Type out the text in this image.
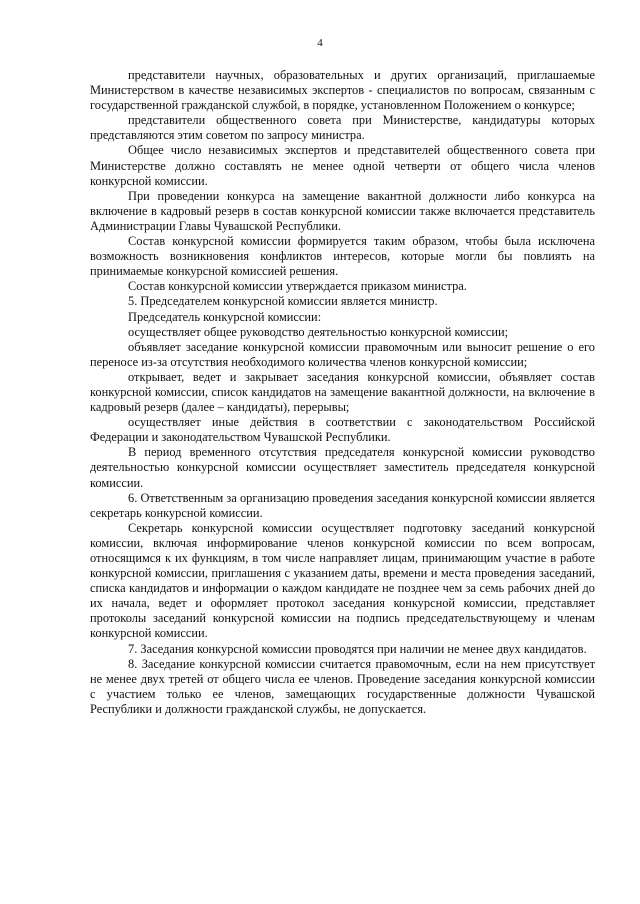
4

представители научных, образовательных и других организаций, приглашаемые Министерством в качестве независимых экспертов - специалистов по вопросам, связанным с государственной гражданской службой, в порядке, установленном Положением о конкурсе;

представители общественного совета при Министерстве, кандидатуры которых представляются этим советом по запросу министра.

Общее число независимых экспертов и представителей общественного совета при Министерстве должно составлять не менее одной четверти от общего числа членов конкурсной комиссии.

При проведении конкурса на замещение вакантной должности либо конкурса на включение в кадровый резерв в состав конкурсной комиссии также включается представитель Администрации Главы Чувашской Республики.

Состав конкурсной комиссии формируется таким образом, чтобы была исключена возможность возникновения конфликтов интересов, которые могли бы повлиять на принимаемые конкурсной комиссией решения.

Состав конкурсной комиссии утверждается приказом министра.

5. Председателем конкурсной комиссии является министр.

Председатель конкурсной комиссии:

осуществляет общее руководство деятельностью конкурсной комиссии;

объявляет заседание конкурсной комиссии правомочным или выносит решение о его переносе из-за отсутствия необходимого количества членов конкурсной комиссии;

открывает, ведет и закрывает заседания конкурсной комиссии, объявляет состав конкурсной комиссии, список кандидатов на замещение вакантной должности, на включение в кадровый резерв (далее – кандидаты), перерывы;

осуществляет иные действия в соответствии с законодательством Российской Федерации и законодательством Чувашской Республики.

В период временного отсутствия председателя конкурсной комиссии руководство деятельностью конкурсной комиссии осуществляет заместитель председателя конкурсной комиссии.

6. Ответственным за организацию проведения заседания конкурсной комиссии является секретарь конкурсной комиссии.

Секретарь конкурсной комиссии осуществляет подготовку заседаний конкурсной комиссии, включая информирование членов конкурсной комиссии по всем вопросам, относящимся к их функциям, в том числе направляет лицам, принимающим участие в работе конкурсной комиссии, приглашения с указанием даты, времени и места проведения заседаний, списка кандидатов и информации о каждом кандидате не позднее чем за семь рабочих дней до их начала, ведет и оформляет протокол заседания конкурсной комиссии, представляет протоколы заседаний конкурсной комиссии на подпись председательствующему и членам конкурсной комиссии.

7. Заседания конкурсной комиссии проводятся при наличии не менее двух кандидатов.

8. Заседание конкурсной комиссии считается правомочным, если на нем присутствует не менее двух третей от общего числа ее членов. Проведение заседания конкурсной комиссии с участием только ее членов, замещающих государственные должности Чувашской Республики и должности гражданской службы, не допускается.
